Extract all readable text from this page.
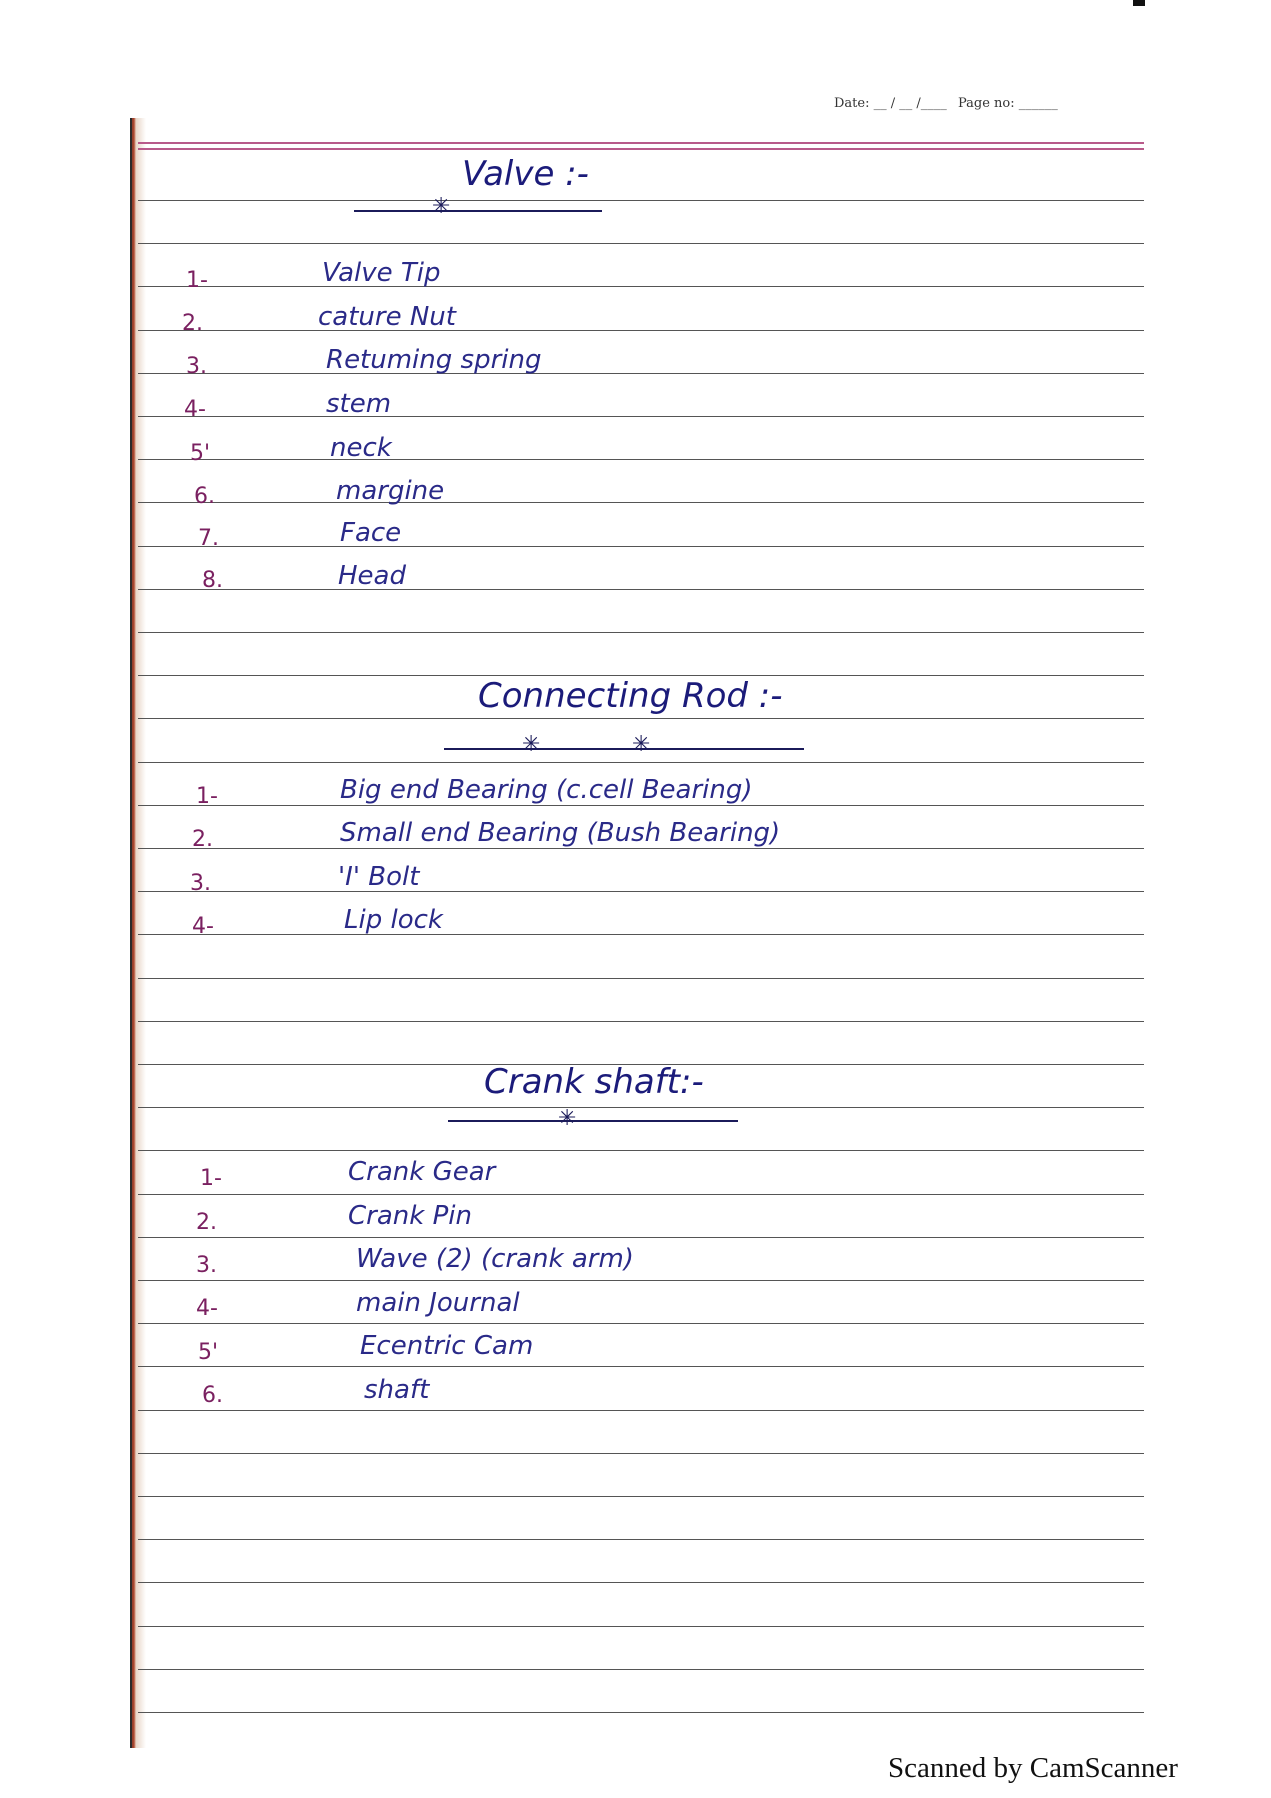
Date: __ / __ /____ Page no: ______
Valve :-
✳
1-	Valve Tip
2.	cature Nut
3.	Retuming spring
4-	stem
5'	neck
6.	margine
7.	Face
8.	Head
Connecting Rod :-
✳	✳
1-	Big end Bearing (c.cell Bearing)
2.	Small end Bearing (Bush Bearing)
3.	'I' Bolt
4-	Lip lock
Crank shaft:-
✳
1-	Crank Gear
2.	Crank Pin
3.	Wave (2) (crank arm)
4-	main Journal
5'	Ecentric Cam
6.	shaft
Scanned by CamScanner
